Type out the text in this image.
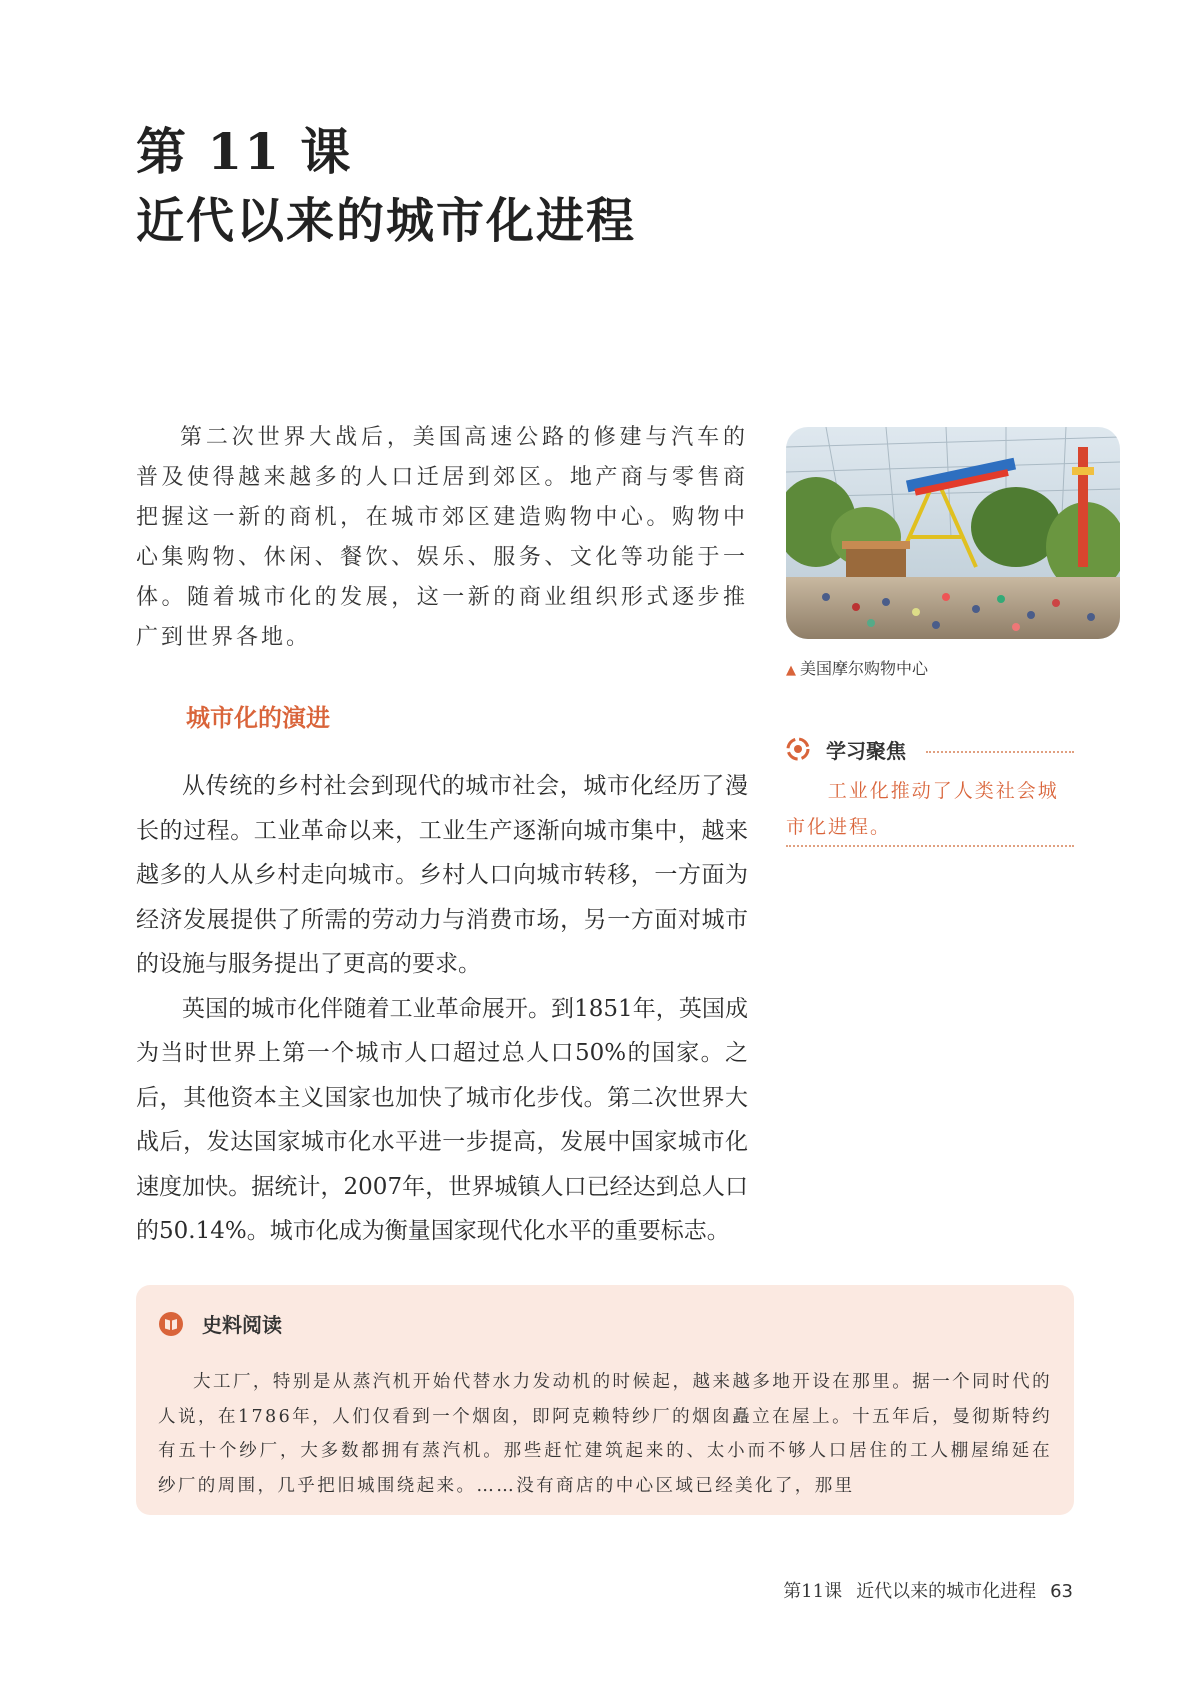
第 11 课
近代以来的城市化进程

第二次世界大战后，美国高速公路的修建与汽车的普及使得越来越多的人口迁居到郊区。地产商与零售商把握这一新的商机，在城市郊区建造购物中心。购物中心集购物、休闲、餐饮、娱乐、服务、文化等功能于一体。随着城市化的发展，这一新的商业组织形式逐步推广到世界各地。

▲ 美国摩尔购物中心
城市化的演进

从传统的乡村社会到现代的城市社会，城市化经历了漫长的过程。工业革命以来，工业生产逐渐向城市集中，越来越多的人从乡村走向城市。乡村人口向城市转移，一方面为经济发展提供了所需的劳动力与消费市场，另一方面对城市的设施与服务提出了更高的要求。

英国的城市化伴随着工业革命展开。到1851年，英国成为当时世界上第一个城市人口超过总人口50%的国家。之后，其他资本主义国家也加快了城市化步伐。第二次世界大战后，发达国家城市化水平进一步提高，发展中国家城市化速度加快。据统计，2007年，世界城镇人口已经达到总人口的50.14%。城市化成为衡量国家现代化水平的重要标志。

学习聚焦

工业化推动了人类社会城市化进程。

史料阅读

大工厂，特别是从蒸汽机开始代替水力发动机的时候起，越来越多地开设在那里。据一个同时代的人说，在1786年，人们仅看到一个烟囱，即阿克赖特纱厂的烟囱矗立在屋上。十五年后，曼彻斯特约有五十个纱厂，大多数都拥有蒸汽机。那些赶忙建筑起来的、太小而不够人口居住的工人棚屋绵延在纱厂的周围，几乎把旧城围绕起来。……没有商店的中心区域已经美化了，那里

第11课 近代以来的城市化进程 63
